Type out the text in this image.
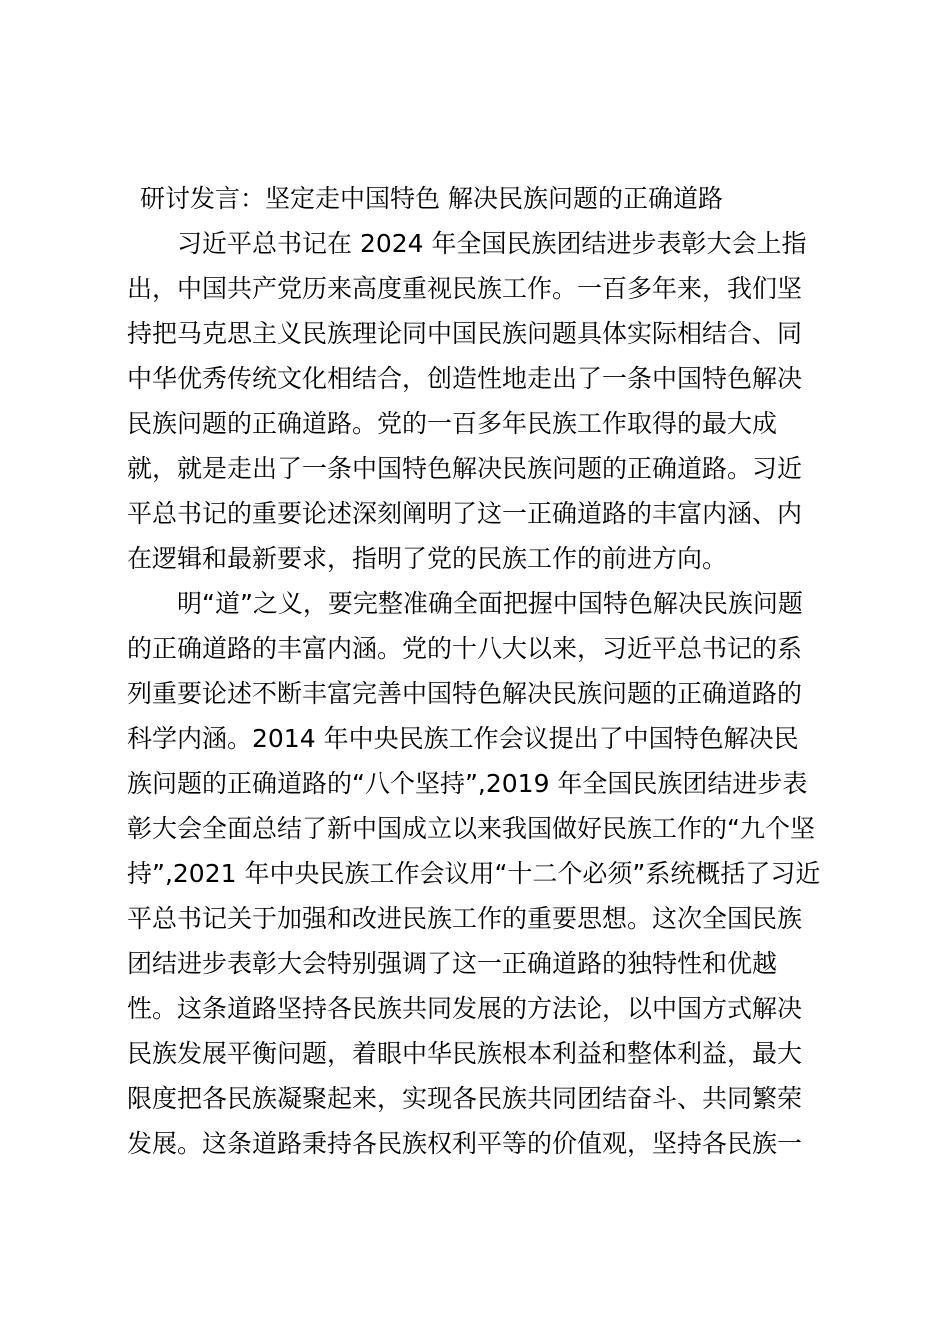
研讨发言：坚定走中国特色 解决民族问题的正确道路

　　习近平总书记在 2024 年全国民族团结进步表彰大会上指

出，中国共产党历来高度重视民族工作。一百多年来，我们坚

持把马克思主义民族理论同中国民族问题具体实际相结合、同

中华优秀传统文化相结合，创造性地走出了一条中国特色解决

民族问题的正确道路。党的一百多年民族工作取得的最大成

就，就是走出了一条中国特色解决民族问题的正确道路。习近

平总书记的重要论述深刻阐明了这一正确道路的丰富内涵、内

在逻辑和最新要求，指明了党的民族工作的前进方向。

　　明“道”之义，要完整准确全面把握中国特色解决民族问题

的正确道路的丰富内涵。党的十八大以来，习近平总书记的系

列重要论述不断丰富完善中国特色解决民族问题的正确道路的

科学内涵。2014 年中央民族工作会议提出了中国特色解决民

族问题的正确道路的“八个坚持”,2019 年全国民族团结进步表

彰大会全面总结了新中国成立以来我国做好民族工作的“九个坚

持”,2021 年中央民族工作会议用“十二个必须”系统概括了习近

平总书记关于加强和改进民族工作的重要思想。这次全国民族

团结进步表彰大会特别强调了这一正确道路的独特性和优越

性。这条道路坚持各民族共同发展的方法论，以中国方式解决

民族发展平衡问题，着眼中华民族根本利益和整体利益，最大

限度把各民族凝聚起来，实现各民族共同团结奋斗、共同繁荣

发展。这条道路秉持各民族权利平等的价值观，坚持各民族一
